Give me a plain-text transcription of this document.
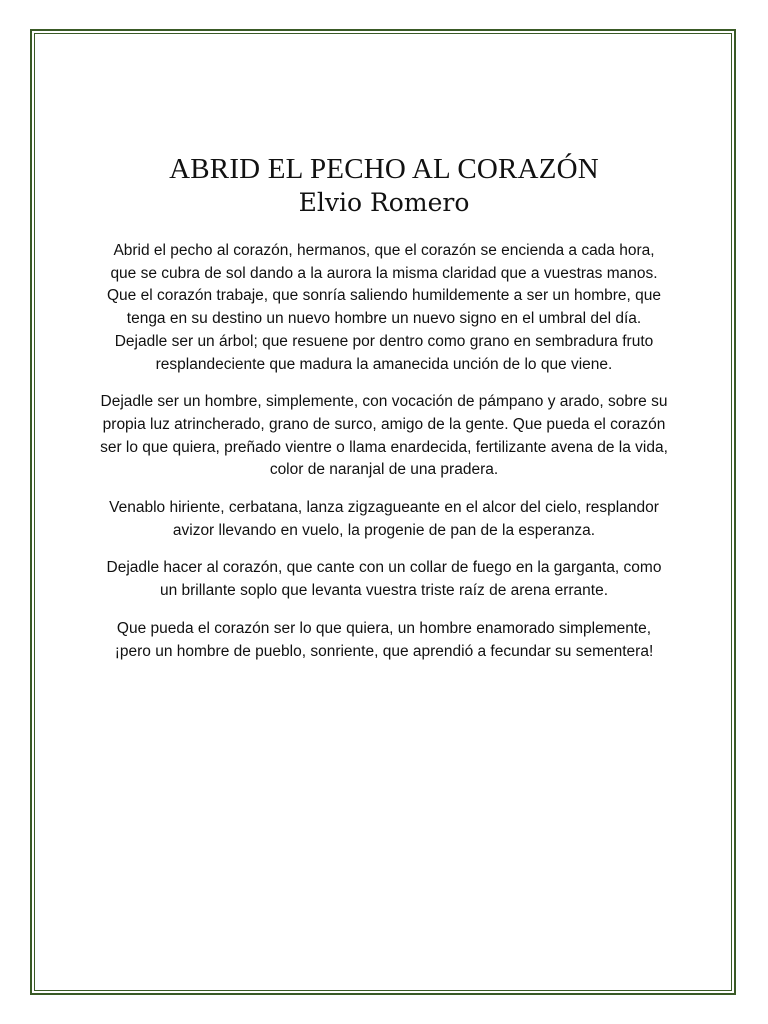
ABRID EL PECHO AL CORAZÓN
Elvio Romero

Abrid el pecho al corazón, hermanos, que el corazón se encienda a cada hora, que se cubra de sol dando a la aurora la misma claridad que a vuestras manos. Que el corazón trabaje, que sonría saliendo humildemente a ser un hombre, que tenga en su destino un nuevo hombre un nuevo signo en el umbral del día. Dejadle ser un árbol; que resuene por dentro como grano en sembradura fruto resplandeciente que madura la amanecida unción de lo que viene.

Dejadle ser un hombre, simplemente, con vocación de pámpano y arado, sobre su propia luz atrincherado, grano de surco, amigo de la gente. Que pueda el corazón ser lo que quiera, preñado vientre o llama enardecida, fertilizante avena de la vida, color de naranjal de una pradera.

Venablo hiriente, cerbatana, lanza zigzagueante en el alcor del cielo, resplandor avizor llevando en vuelo, la progenie de pan de la esperanza.

Dejadle hacer al corazón, que cante con un collar de fuego en la garganta, como un brillante soplo que levanta vuestra triste raíz de arena errante.

Que pueda el corazón ser lo que quiera, un hombre enamorado simplemente, ¡pero un hombre de pueblo, sonriente, que aprendió a fecundar su sementera!
